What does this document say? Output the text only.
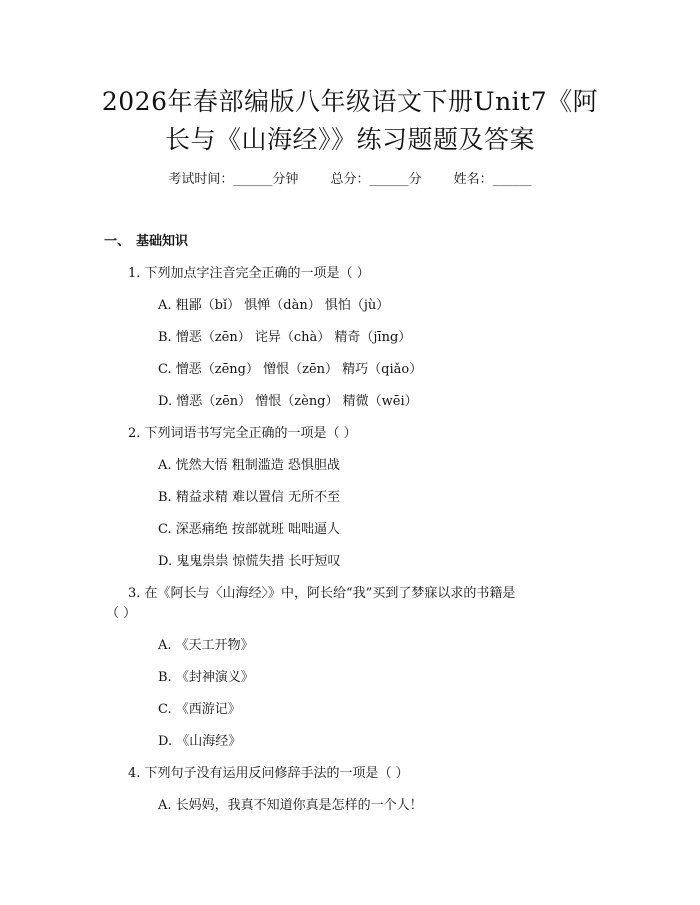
2026年春部编版八年级语文下册Unit7《阿
长与《山海经》》练习题题及答案
考试时间：______分钟 总分：______分 姓名：______
一、 基础知识
1. 下列加点字注音完全正确的一项是（ ）
A. 粗鄙（bǐ） 惧惮（dàn） 惧怕（jù）
B. 憎恶（zēn） 诧异（chà） 精奇（jīng）
C. 憎恶（zēng） 憎恨（zēn） 精巧（qiǎo）
D. 憎恶（zēn） 憎恨（zèng） 精微（wēi）
2. 下列词语书写完全正确的一项是（ ）
A. 恍然大悟 粗制滥造 恐惧胆战
B. 精益求精 难以置信 无所不至
C. 深恶痛绝 按部就班 咄咄逼人
D. 鬼鬼祟祟 惊慌失措 长吁短叹
3. 在《阿长与〈山海经〉》中，阿长给“我”买到了梦寐以求的书籍是
（ ）
A. 《天工开物》
B. 《封神演义》
C. 《西游记》
D. 《山海经》
4. 下列句子没有运用反问修辞手法的一项是（ ）
A. 长妈妈，我真不知道你真是怎样的一个人！
